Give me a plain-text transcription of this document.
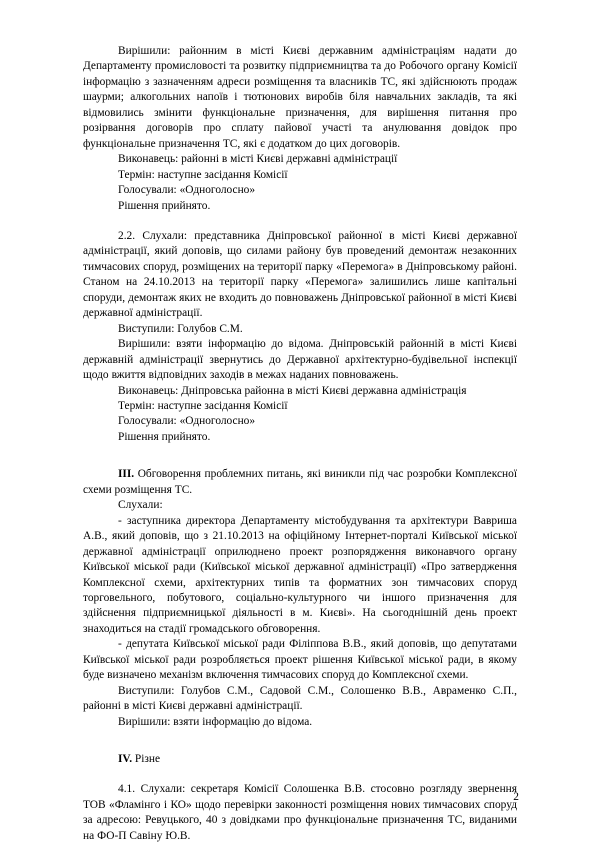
Вирішили: районним в місті Києві державним адміністраціям надати до Департаменту промисловості та розвитку підприємництва та до Робочого органу Комісії інформацію з зазначенням адреси розміщення та власників ТС, які здійснюють продаж шаурми; алкогольних напоїв і тютюнових виробів біля навчальних закладів, та які відмовились змінити функціональне призначення, для вирішення питання про розірвання договорів про сплату пайової участі та анулювання довідок про функціональне призначення ТС, які є додатком до цих договорів.

Виконавець: районні в місті Києві державні адміністрації

Термін: наступне засідання Комісії

Голосували: «Одноголосно»

Рішення прийнято.

2.2. Слухали: представника Дніпровської районної в місті Києві державної адміністрації, який доповів, що силами району був проведений демонтаж незаконних тимчасових споруд, розміщених на території парку «Перемога» в Дніпровському районі. Станом на 24.10.2013 на території парку «Перемога» залишились лише капітальні споруди, демонтаж яких не входить до повноважень Дніпровської районної в місті Києві державної адміністрації.

Виступили: Голубов С.М.

Вирішили: взяти інформацію до відома. Дніпровській районній в місті Києві державній адміністрації звернутись до Державної архітектурно-будівельної інспекції щодо вжиття відповідних заходів в межах наданих повноважень.

Виконавець: Дніпровська районна в місті Києві державна адміністрація

Термін: наступне засідання Комісії

Голосували: «Одноголосно»

Рішення прийнято.

III. Обговорення проблемних питань, які виникли під час розробки Комплексної схеми розміщення ТС.

Слухали:

- заступника директора Департаменту містобудування та архітектури Вавриша А.В., який доповів, що з 21.10.2013 на офіційному Інтернет-порталі Київської міської державної адміністрації оприлюднено проект розпорядження виконавчого органу Київської міської ради (Київської міської державної адміністрації) «Про затвердження Комплексної схеми, архітектурних типів та форматних зон тимчасових споруд торговельного, побутового, соціально-культурного чи іншого призначення для здійснення підприємницької діяльності в м. Києві». На сьогоднішній день проект знаходиться на стадії громадського обговорення.

- депутата Київської міської ради Філіппова В.В., який доповів, що депутатами Київської міської ради розробляється проект рішення Київської міської ради, в якому буде визначено механізм включення тимчасових споруд до Комплексної схеми.

Виступили: Голубов С.М., Садовой С.М., Солошенко В.В., Авраменко С.П., районні в місті Києві державні адміністрації.

Вирішили: взяти інформацію до відома.

IV. Різне

4.1. Слухали: секретаря Комісії Солошенка В.В. стосовно розгляду звернення ТОВ «Фламінго і КО» щодо перевірки законності розміщення нових тимчасових споруд за адресою: Ревуцького, 40 з довідками про функціональне призначення ТС, виданими на ФО-П Савіну Ю.В.

2
